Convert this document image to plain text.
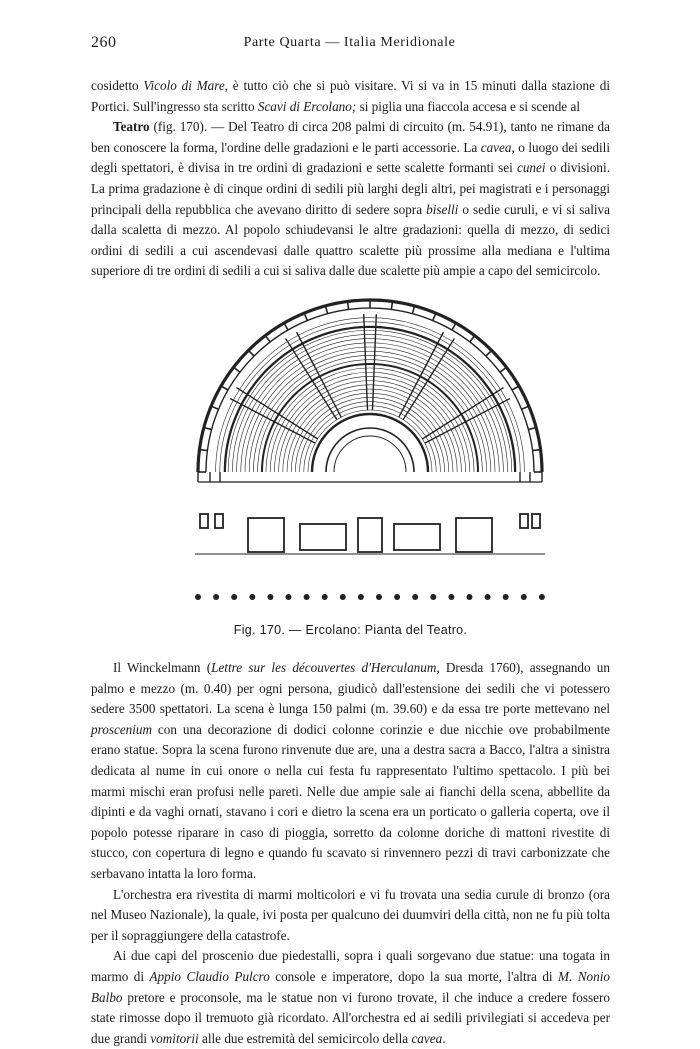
260	Parte Quarta — Italia Meridionale

cosidetto Vicolo di Mare, è tutto ciò che si può visitare. Vi si va in 15 minuti dalla stazione di Portici. Sull'ingresso sta scritto Scavi di Ercolano; si piglia una fiaccola accesa e si scende al

Teatro (fig. 170). — Del Teatro di circa 208 palmi di circuito (m. 54.91), tanto ne rimane da ben conoscere la forma, l'ordine delle gradazioni e le parti accessorie. La cavea, o luogo dei sedili degli spettatori, è divisa in tre ordini di gradazioni e sette scalette formanti sei cunei o divisioni. La prima gradazione è di cinque ordini di sedili più larghi degli altri, pei magistrati e i personaggi principali della repubblica che avevano diritto di sedere sopra biselli o sedie curuli, e vi si saliva dalla scaletta di mezzo. Al popolo schiudevansi le altre gradazioni: quella di mezzo, di sedici ordini di sedili a cui ascendevasi dalle quattro scalette più prossime alla mediana e l'ultima superiore di tre ordini di sedili a cui si saliva dalle due scalette più ampie a capo del semicircolo.

Fig. 170. — Ercolano: Pianta del Teatro.

Il Winckelmann (Lettre sur les découvertes d'Herculanum, Dresda 1760), assegnando un palmo e mezzo (m. 0.40) per ogni persona, giudicò dall'estensione dei sedili che vi potessero sedere 3500 spettatori. La scena è lunga 150 palmi (m. 39.60) e da essa tre porte mettevano nel proscenium con una decorazione di dodici colonne corinzie e due nicchie ove probabilmente erano statue. Sopra la scena furono rinvenute due are, una a destra sacra a Bacco, l'altra a sinistra dedicata al nume in cui onore o nella cui festa fu rappresentato l'ultimo spettacolo. I più bei marmi mischi eran profusi nelle pareti. Nelle due ampie sale ai fianchi della scena, abbellite da dipinti e da vaghi ornati, stavano i cori e dietro la scena era un porticato o galleria coperta, ove il popolo potesse riparare in caso di pioggia, sorretto da colonne doriche di mattoni rivestite di stucco, con copertura di legno e quando fu scavato si rinvennero pezzi di travi carbonizzate che serbavano intatta la loro forma.

L'orchestra era rivestita di marmi molticolori e vi fu trovata una sedia curule di bronzo (ora nel Museo Nazionale), la quale, ivi posta per qualcuno dei duumviri della città, non ne fu più tolta per il sopraggiungere della catastrofe.

Ai due capi del proscenio due piedestalli, sopra i quali sorgevano due statue: una togata in marmo di Appio Claudio Pulcro console e imperatore, dopo la sua morte, l'altra di M. Nonio Balbo pretore e proconsole, ma le statue non vi furono trovate, il che induce a credere fossero state rimosse dopo il tremuoto già ricordato. All'orchestra ed ai sedili privilegiati si accedeva per due grandi vomitorii alle due estremità del semicircolo della cavea.
